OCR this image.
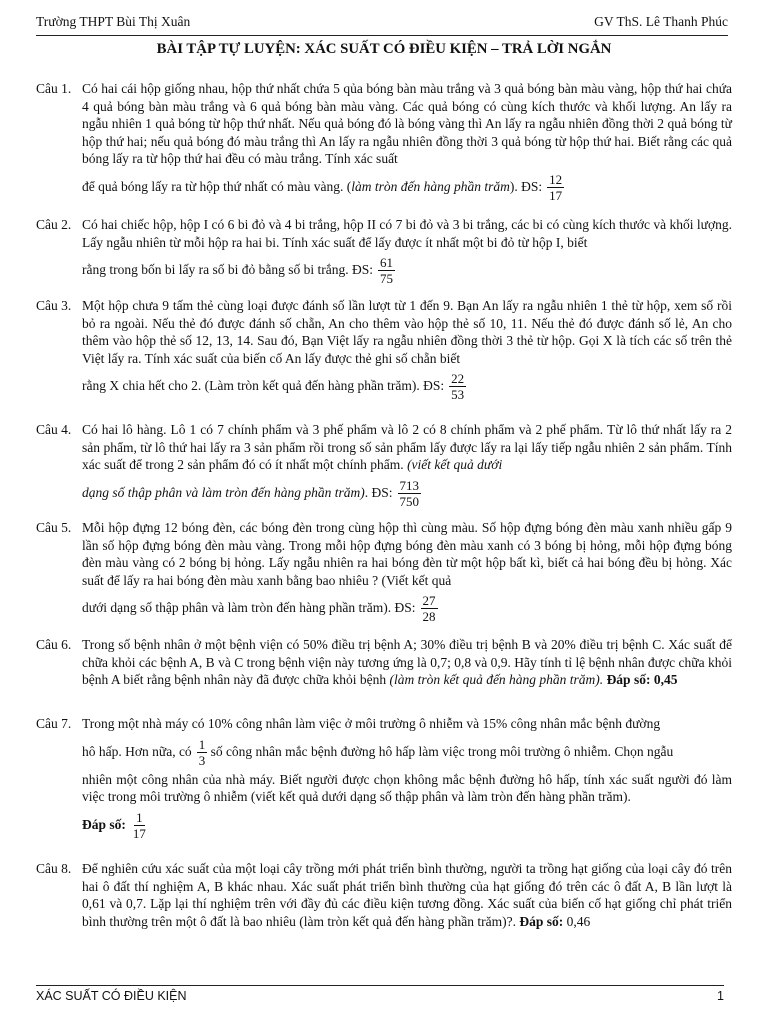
Trường THPT Bùi Thị Xuân	GV ThS. Lê Thanh Phúc
BÀI TẬP TỰ LUYỆN: XÁC SUẤT CÓ ĐIỀU KIỆN – TRẢ LỜI NGẮN
Câu 1. Có hai cái hộp giống nhau, hộp thứ nhất chứa 5 qủa bóng bàn màu trắng và 3 quả bóng bàn màu vàng, hộp thứ hai chứa 4 quả bóng bàn màu trắng và 6 quả bóng bàn màu vàng. Các quả bóng có cùng kích thước và khối lượng. An lấy ra ngẫu nhiên 1 quả bóng từ hộp thứ nhất. Nếu quả bóng đó là bóng vàng thì An lấy ra ngẫu nhiên đồng thời 2 quả bóng từ hộp thứ hai; nếu quả bóng đó màu trắng thì An lấy ra ngẫu nhiên đồng thời 3 quả bóng từ hộp thứ hai. Biết rằng các quả bóng lấy ra từ hộp thứ hai đều có màu trắng. Tính xác suất

để quả bóng lấy ra từ hộp thứ nhất có màu vàng. (làm tròn đến hàng phần trăm). ĐS: $\frac{12}{17}$

Câu 2. Có hai chiếc hộp, hộp I có 6 bi đỏ và 4 bi trắng, hộp II có 7 bi đỏ và 3 bi trắng, các bi có cùng kích thước và khối lượng. Lấy ngẫu nhiên từ mỗi hộp ra hai bi. Tính xác suất để lấy được ít nhất một bi đỏ từ hộp I, biết

rằng trong bốn bi lấy ra số bi đỏ bằng số bi trắng. ĐS: $\frac{61}{75}$

Câu 3. Một hộp chưa 9 tấm thẻ cùng loại được đánh số lần lượt từ 1 đến 9. Bạn An lấy ra ngẫu nhiên 1 thẻ từ hộp, xem số rồi bỏ ra ngoài. Nếu thẻ đó được đánh số chẵn, An cho thêm vào hộp thẻ số 10, 11. Nếu thẻ đó được đánh số lẻ, An cho thêm vào hộp thẻ số 12, 13, 14. Sau đó, Bạn Việt lấy ra ngẫu nhiên đồng thời 3 thẻ từ hộp. Gọi X là tích các số trên thẻ Việt lấy ra. Tính xác suất của biến cố An lấy được thẻ ghi số chẵn biết

rằng X chia hết cho 2. (Làm tròn kết quả đến hàng phần trăm). ĐS: $\frac{22}{53}$

Câu 4. Có hai lô hàng. Lô 1 có 7 chính phẩm và 3 phế phẩm và lô 2 có 8 chính phẩm và 2 phế phẩm. Từ lô thứ nhất lấy ra 2 sản phẩm, từ lô thứ hai lấy ra 3 sản phẩm rồi trong số sản phẩm lấy được lấy ra lại lấy tiếp ngẫu nhiên 2 sản phẩm. Tính xác suất để trong 2 sản phẩm đó có ít nhất một chính phẩm. (viết kết quả dưới

dạng số thập phân và làm tròn đến hàng phần trăm). ĐS: $\frac{713}{750}$

Câu 5. Mỗi hộp đựng 12 bóng đèn, các bóng đèn trong cùng hộp thì cùng màu. Số hộp đựng bóng đèn màu xanh nhiều gấp 9 lần số hộp đựng bóng đèn màu vàng. Trong mỗi hộp đựng bóng đèn màu xanh có 3 bóng bị hỏng, mỗi hộp đựng bóng đèn màu vàng có 2 bóng bị hỏng. Lấy ngẫu nhiên ra hai bóng đèn từ một hộp bất kì, biết cả hai bóng đều bị hỏng. Xác suất để lấy ra hai bóng đèn màu xanh bằng bao nhiêu ? (Viết kết quả

dưới dạng số thập phân và làm tròn đến hàng phần trăm). ĐS: $\frac{27}{28}$

Câu 6. Trong số bệnh nhân ở một bệnh viện có 50% điều trị bệnh A; 30% điều trị bệnh B và 20% điều trị bệnh C. Xác suất để chữa khỏi các bệnh A, B và C trong bệnh viện này tương ứng là 0,7; 0,8 và 0,9. Hãy tính tỉ lệ bệnh nhân được chữa khỏi bệnh A biết rằng bệnh nhân này đã được chữa khỏi bệnh (làm tròn kết quả đến hàng phần trăm). Đáp số: 0,45

Câu 7. Trong một nhà máy có 10% công nhân làm việc ở môi trường ô nhiễm và 15% công nhân mắc bệnh đường

hô hấp. Hơn nữa, có $\frac{1}{3}$ số công nhân mắc bệnh đường hô hấp làm việc trong môi trường ô nhiễm. Chọn ngẫu

nhiên một công nhân của nhà máy. Biết người được chọn không mắc bệnh đường hô hấp, tính xác suất người đó làm việc trong môi trường ô nhiễm (viết kết quả dưới dạng số thập phân và làm tròn đến hàng phần trăm).

Đáp số: $\frac{1}{17}$

Câu 8. Để nghiên cứu xác suất của một loại cây trồng mới phát triển bình thường, người ta trồng hạt giống của loại cây đó trên hai ô đất thí nghiệm A, B khác nhau. Xác suất phát triển bình thường của hạt giống đó trên các ô đất A, B lần lượt là 0,61 và 0,7. Lặp lại thí nghiệm trên với đầy đủ các điều kiện tương đồng. Xác suất của biến cố hạt giống chỉ phát triển bình thường trên một ô đất là bao nhiêu (làm tròn kết quả đến hàng phần trăm)?. Đáp số: 0,46

XÁC SUẤT CÓ ĐIỀU KIỆN	1
